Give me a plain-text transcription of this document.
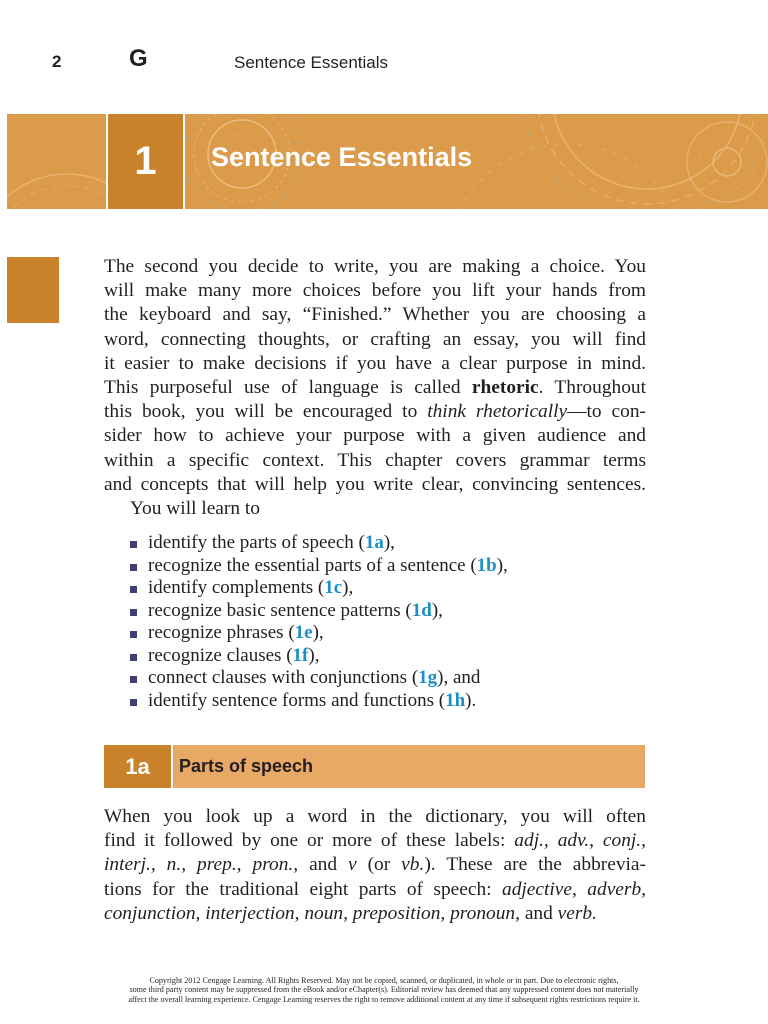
2	G	Sentence Essentials
1	Sentence Essentials
The second you decide to write, you are making a choice. You
will make many more choices before you lift your hands from
the keyboard and say, “Finished.” Whether you are choosing a
word, connecting thoughts, or crafting an essay, you will find
it easier to make decisions if you have a clear purpose in mind.
This purposeful use of language is called rhetoric. Throughout
this book, you will be encouraged to think rhetorically—to con-
sider how to achieve your purpose with a given audience and
within a specific context. This chapter covers grammar terms
and concepts that will help you write clear, convincing sentences.

You will learn to

identify the parts of speech (1a),
recognize the essential parts of a sentence (1b),
identify complements (1c),
recognize basic sentence patterns (1d),
recognize phrases (1e),
recognize clauses (1f),
connect clauses with conjunctions (1g), and
identify sentence forms and functions (1h).
1a	Parts of speech
When you look up a word in the dictionary, you will often
find it followed by one or more of these labels: adj., adv., conj.,
interj., n., prep., pron., and v (or vb.). These are the abbrevia-
tions for the traditional eight parts of speech: adjective, adverb,
conjunction, interjection, noun, preposition, pronoun, and verb.
Copyright 2012 Cengage Learning. All Rights Reserved. May not be copied, scanned, or duplicated, in whole or in part. Due to electronic rights,
some third party content may be suppressed from the eBook and/or eChapter(s). Editorial review has deemed that any suppressed content does not materially
affect the overall learning experience. Cengage Learning reserves the right to remove additional content at any time if subsequent rights restrictions require it.
